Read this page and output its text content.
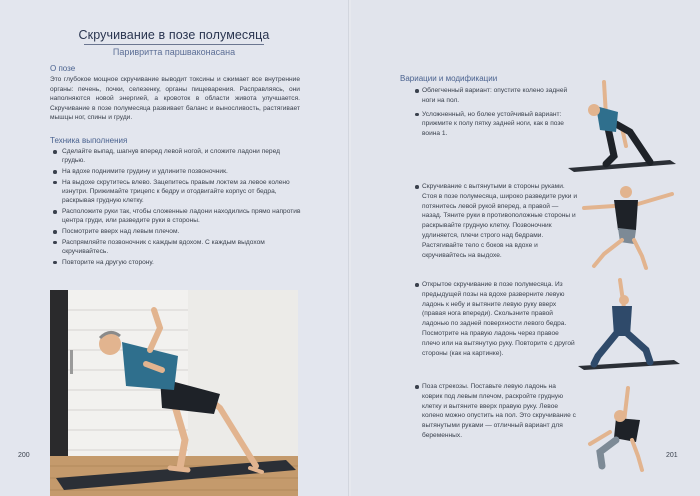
Скручивание в позе полумесяца
Паривритта паршваконасана
О позе

Это глубокое мощное скручивание выводит токсины и сжимает все внутренние органы: печень, почки, селезенку, органы пищеварения. Расправляясь, они наполняются новой энергией, а кровоток в области живота улучшается. Скручивание в позе полумесяца развивает баланс и выносливость, растягивает мышцы ног, спины и груди.

Техника выполнения
Сделайте выпад, шагнув вперед левой ногой, и сложите ладони перед грудью.
На вдохе поднимите грудину и удлините позвоночник.
На выдохе скрутитесь влево. Зацепитесь правым локтем за левое колено изнутри. Прижимайте трицепс к бедру и отодвигайте корпус от бедра, раскрывая грудную клетку.
Расположите руки так, чтобы сложенные ладони находились прямо напротив центра груди, или разведите руки в стороны.
Посмотрите вверх над левым плечом.
Распрямляйте позвоночник с каждым вдохом. С каждым выдохом скручивайтесь.
Повторите на другую сторону.
200
Вариации и модификации
Облегченный вариант: опустите колено задней ноги на пол.
Усложненный, но более устойчивый вариант: прижмите к полу пятку задней ноги, как в позе воина 1.
Скручивание с вытянутыми в стороны руками. Стоя в позе полумесяца, широко разведите руки и потянитесь левой рукой вперед, а правой — назад. Тяните руки в противоположные стороны и раскрывайте грудную клетку. Позвоночник удлиняется, плечи строго над бедрами. Растягивайте тело с боков на вдохе и скручивайтесь на выдохе.
Открытое скручивание в позе полумесяца. Из предыдущей позы на вдохе разверните левую ладонь к небу и вытяните левую руку вверх (правая нога впереди). Скользните правой ладонью по задней поверхности левого бедра. Посмотрите на правую ладонь через правое плечо или на вытянутую руку. Повторите с другой стороны (как на картинке).
Поза стрекозы. Поставьте левую ладонь на коврик под левым плечом, раскройте грудную клетку и вытяните вверх правую руку. Левое колено можно опустить на пол. Это скручивание с вытянутыми руками — отличный вариант для беременных.
201
